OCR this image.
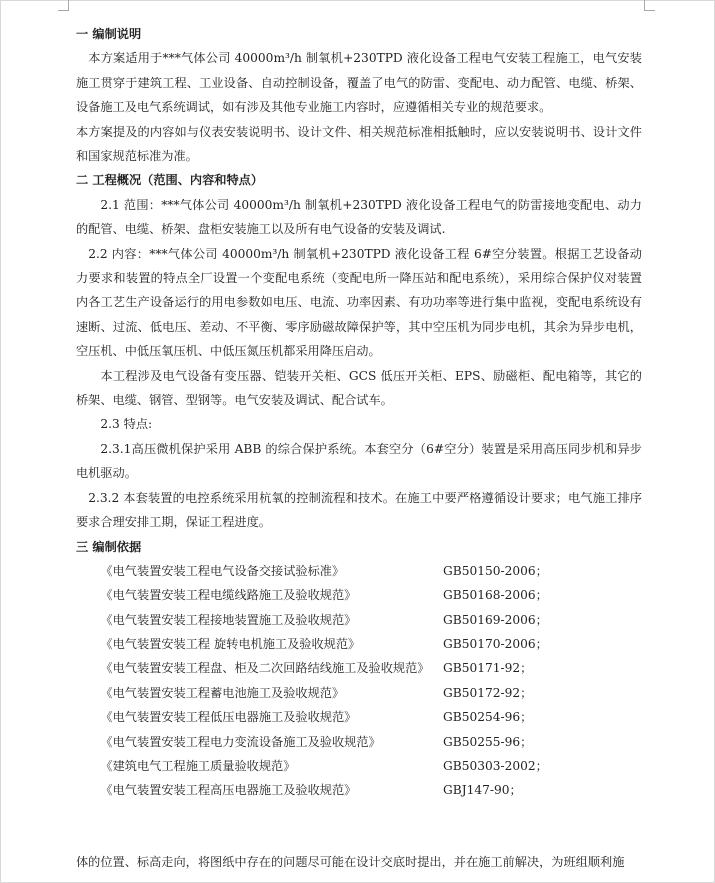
一 编制说明

本方案适用于***气体公司 40000m³/h 制氧机+230TPD 液化设备工程电气安装工程施工，电气安装施工贯穿于建筑工程、工业设备、自动控制设备，覆盖了电气的防雷、变配电、动力配管、电缆、桥架、设备施工及电气系统调试，如有涉及其他专业施工内容时，应遵循相关专业的规范要求。

本方案提及的内容如与仪表安装说明书、设计文件、相关规范标准相抵触时，应以安装说明书、设计文件和国家规范标准为准。

二 工程概况（范围、内容和特点）

2.1 范围：***气体公司 40000m³/h 制氧机+230TPD 液化设备工程电气的防雷接地变配电、动力的配管、电缆、桥架、盘柜安装施工以及所有电气设备的安装及调试.

2.2 内容：***气体公司 40000m³/h 制氧机+230TPD 液化设备工程 6#空分装置。根据工艺设备动力要求和装置的特点全厂设置一个变配电系统（变配电所一降压站和配电系统），采用综合保护仪对装置内各工艺生产设备运行的用电参数如电压、电流、功率因素、有功功率等进行集中监视，变配电系统设有速断、过流、低电压、差动、不平衡、零序励磁故障保护等，其中空压机为同步电机，其余为异步电机，空压机、中低压氧压机、中低压氮压机都采用降压启动。

本工程涉及电气设备有变压器、铠装开关柜、GCS 低压开关柜、EPS、励磁柜、配电箱等，其它的桥架、电缆、钢管、型钢等。电气安装及调试、配合试车。

2.3 特点:

2.3.1高压微机保护采用 ABB 的综合保护系统。本套空分（6#空分）装置是采用高压同步机和异步电机驱动。

2.3.2 本套装置的电控系统采用杭氧的控制流程和技术。在施工中要严格遵循设计要求；电气施工排序要求合理安排工期，保证工程进度。

三 编制依据
《电气装置安装工程电气设备交接试验标准》	GB50150-2006；
《电气装置安装工程电缆线路施工及验收规范》	GB50168-2006；
《电气装置安装工程接地装置施工及验收规范》	GB50169-2006；
《电气装置安装工程 旋转电机施工及验收规范》	GB50170-2006；
《电气装置安装工程盘、柜及二次回路结线施工及验收规范》	GB50171-92；
《电气装置安装工程蓄电池施工及验收规范》	GB50172-92；
《电气装置安装工程低压电器施工及验收规范》	GB50254-96；
《电气装置安装工程电力变流设备施工及验收规范》	GB50255-96；
《建筑电气工程施工质量验收规范》	GB50303-2002；
《电气装置安装工程高压电器施工及验收规范》	GBJ147-90；
体的位置、标高走向，将图纸中存在的问题尽可能在设计交底时提出，并在施工前解决，为班组顺利施
